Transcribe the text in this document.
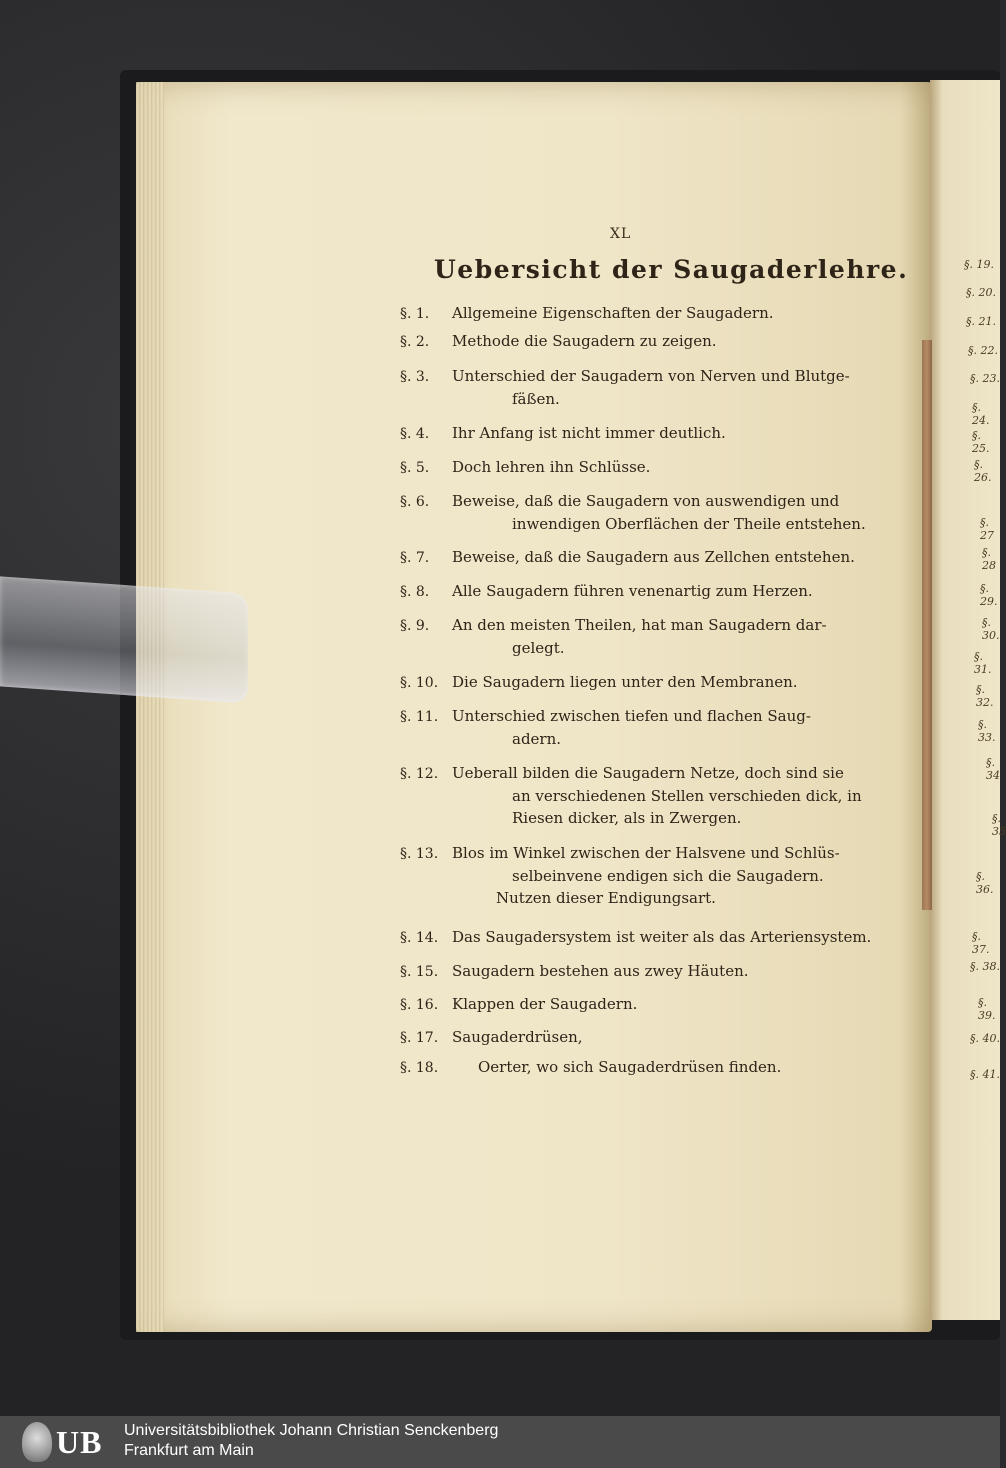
XL
Uebersicht der Saugaderlehre.
§. 1. Allgemeine Eigenschaften der Saugadern.
§. 2. Methode die Saugadern zu zeigen.
§. 3. Unterschied der Saugadern von Nerven und Blutge-
fäßen.
§. 4. Ihr Anfang ist nicht immer deutlich.
§. 5. Doch lehren ihn Schlüsse.
§. 6. Beweise, daß die Saugadern von auswendigen und
inwendigen Oberflächen der Theile entstehen.
§. 7. Beweise, daß die Saugadern aus Zellchen entstehen.
§. 8. Alle Saugadern führen venenartig zum Herzen.
§. 9. An den meisten Theilen, hat man Saugadern dar-
gelegt.
§. 10. Die Saugadern liegen unter den Membranen.
§. 11. Unterschied zwischen tiefen und flachen Saug-
adern.
§. 12. Ueberall bilden die Saugadern Netze, doch sind sie
an verschiedenen Stellen verschieden dick, in
Riesen dicker, als in Zwergen.
§. 13. Blos im Winkel zwischen der Halsvene und Schlüs-
selbeinvene endigen sich die Saugadern.
Nutzen dieser Endigungsart.
§. 14. Das Saugadersystem ist weiter als das Arteriensystem.
§. 15. Saugadern bestehen aus zwey Häuten.
§. 16. Klappen der Saugadern.
§. 17. Saugaderdrüsen,
§. 18.	Oerter, wo sich Saugaderdrüsen finden.
§. 19.
§. 20.
§. 21.
§. 22.
§. 23.
§. 24.
§. 25.
§. 26.
§. 27
§. 28
§. 29.
§. 30.
§. 31.
§. 32.
§. 33.
§. 34
§. 35
§. 36.
§. 37.
§. 38.
§. 39.
§. 40.
§. 41.
UB Universitätsbibliothek Johann Christian Senckenberg
Frankfurt am Main
